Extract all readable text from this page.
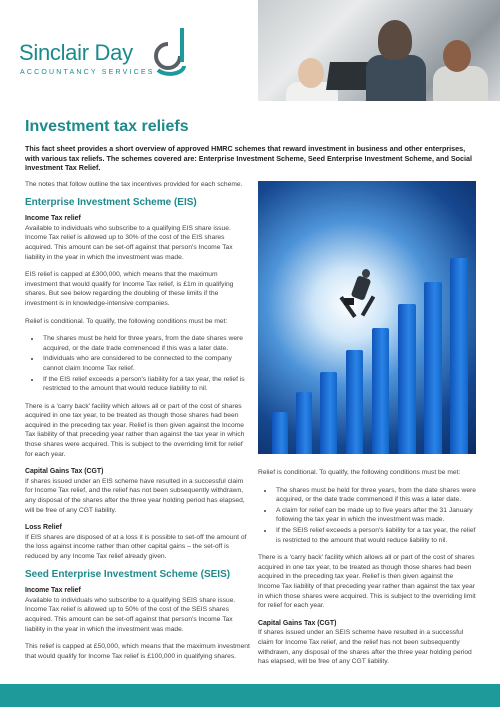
Sinclair Day
ACCOUNTANCY SERVICES
Investment tax reliefs

This fact sheet provides a short overview of approved HMRC schemes that reward investment in business and other enterprises, with various tax reliefs. The schemes covered are: Enterprise Investment Scheme, Seed Enterprise Investment Scheme, and Social Investment Tax Relief.

The notes that follow outline the tax incentives provided for each scheme.

Enterprise Investment Scheme (EIS)
Income Tax relief

Available to individuals who subscribe to a qualifying EIS share issue. Income Tax relief is allowed up to 30% of the cost of the EIS shares acquired. This amount can be set-off against that person's Income Tax liability in the year in which the investment was made.

EIS relief is capped at £300,000, which means that the maximum investment that would qualify for Income Tax relief, is £1m in qualifying shares. But see below regarding the doubling of these limits if the investment is in knowledge-intensive companies.

Relief is conditional. To qualify, the following conditions must be met:

• The shares must be held for three years, from the date shares were acquired, or the date trade commenced if this was a later date.
• Individuals who are considered to be connected to the company cannot claim Income Tax relief.
• If the EIS relief exceeds a person's liability for a tax year, the relief is restricted to the amount that would reduce liability to nil.

There is a 'carry back' facility which allows all or part of the cost of shares acquired in one tax year, to be treated as though those shares had been acquired in the preceding tax year. Relief is then given against the Income Tax liability of that preceding year rather than against the tax year in which those shares were acquired. This is subject to the overriding limit for relief for each year.

Capital Gains Tax (CGT)

If shares issued under an EIS scheme have resulted in a successful claim for Income Tax relief, and the relief has not been subsequently withdrawn, any disposal of the shares after the three year holding period has elapsed, will be free of any CGT liability.

Loss Relief

If EIS shares are disposed of at a loss it is possible to set-off the amount of the loss against income rather than other capital gains – the set-off is reduced by any Income Tax relief already given.

Seed Enterprise Investment Scheme (SEIS)
Income Tax relief

Available to individuals who subscribe to a qualifying SEIS share issue. Income Tax relief is allowed up to 50% of the cost of the SEIS shares acquired. This amount can be set-off against that person's Income Tax liability in the year in which the investment was made.

This relief is capped at £50,000, which means that the maximum investment that would qualify for Income Tax relief is £100,000 in qualifying shares.

Relief is conditional. To qualify, the following conditions must be met:

• The shares must be held for three years, from the date shares were acquired, or the date trade commenced if this was a later date.
• A claim for relief can be made up to five years after the 31 January following the tax year in which the investment was made.
• If the SEIS relief exceeds a person's liability for a tax year, the relief is restricted to the amount that would reduce liability to nil.

There is a 'carry back' facility which allows all or part of the cost of shares acquired in one tax year, to be treated as though those shares had been acquired in the preceding tax year. Relief is then given against the Income Tax liability of that preceding year rather than against the tax year in which those shares were acquired. This is subject to the overriding limit for relief for each year.

Capital Gains Tax (CGT)

If shares issued under an SEIS scheme have resulted in a successful claim for Income Tax relief, and the relief has not been subsequently withdrawn, any disposal of the shares after the three year holding period has elapsed, will be free of any CGT liability.
